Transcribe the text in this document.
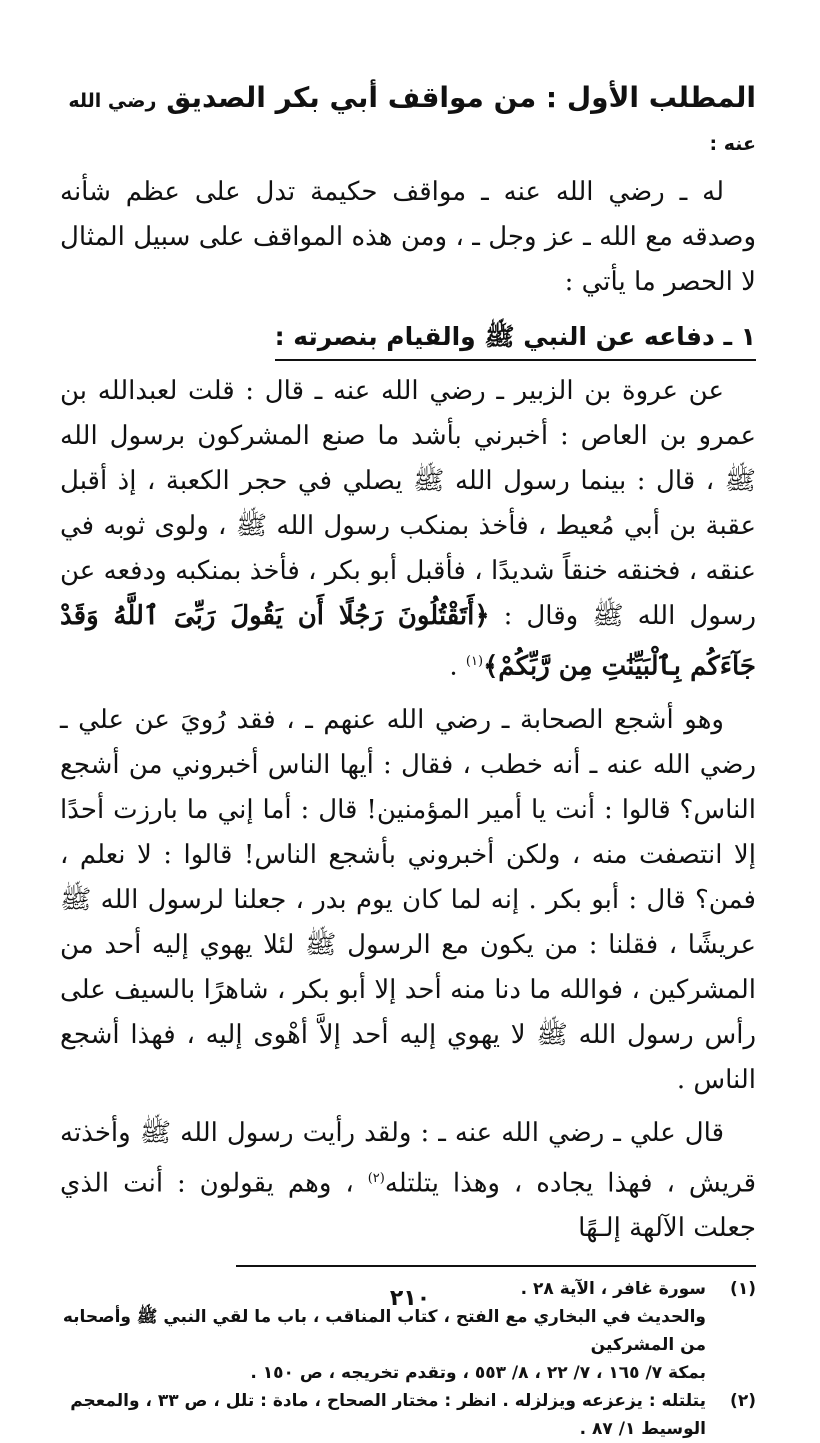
المطلب الأول : من مواقف أبي بكر الصديق رضي الله عنه :

له ـ رضي الله عنه ـ مواقف حكيمة تدل على عظم شأنه وصدقه مع الله ـ عز وجل ـ ، ومن هذه المواقف على سبيل المثال لا الحصر ما يأتي :

١ ـ دفاعه عن النبي ﷺ والقيام بنصرته :

عن عروة بن الزبير ـ رضي الله عنه ـ قال : قلت لعبدالله بن عمرو بن العاص : أخبرني بأشد ما صنع المشركون برسول الله ﷺ ، قال : بينما رسول الله ﷺ يصلي في حجر الكعبة ، إذ أقبل عقبة بن أبي مُعيط ، فأخذ بمنكب رسول الله ﷺ ، ولوى ثوبه في عنقه ، فخنقه خنقاً شديدًا ، فأقبل أبو بكر ، فأخذ بمنكبه ودفعه عن رسول الله ﷺ وقال : ﴿أَتَقْتُلُونَ رَجُلًا أَن يَقُولَ رَبِّىَ ٱللَّهُ وَقَدْ جَآءَكُم بِٱلْبَيِّنَٰتِ مِن رَّبِّكُمْ﴾$^{(١)}$ .

وهو أشجع الصحابة ـ رضي الله عنهم ـ ، فقد رُويَ عن علي ـ رضي الله عنه ـ أنه خطب ، فقال : أيها الناس أخبروني من أشجع الناس؟ قالوا : أنت يا أمير المؤمنين! قال : أما إني ما بارزت أحدًا إلا انتصفت منه ، ولكن أخبروني بأشجع الناس! قالوا : لا نعلم ، فمن؟ قال : أبو بكر . إنه لما كان يوم بدر ، جعلنا لرسول الله ﷺ عريشًا ، فقلنا : من يكون مع الرسول ﷺ لئلا يهوي إليه أحد من المشركين ، فوالله ما دنا منه أحد إلا أبو بكر ، شاهرًا بالسيف على رأس رسول الله ﷺ لا يهوي إليه أحد إلاَّ أهْوى إليه ، فهذا أشجع الناس .

قال علي ـ رضي الله عنه ـ : ولقد رأيت رسول الله ﷺ وأخذته قريش ، فهذا يجاده ، وهذا يتلتله$^{(٢)}$ ، وهم يقولون : أنت الذي جعلت الآلهة إلـهًا

(١)
سورة غافر ، الآية ٢٨ .
والحديث في البخاري مع الفتح ، كتاب المناقب ، باب ما لقي النبي ﷺ وأصحابه من المشركين
بمكة ٧/ ١٦٥ ، ٧/ ٢٢ ، ٨/ ٥٥٣ ، وتقدم تخريجه ، ص ١٥٠ .
(٢)
يتلتله : يزعزعه ويزلزله . انظر : مختار الصحاح ، مادة : تلل ، ص ٣٣ ، والمعجم الوسيط ١/ ٨٧ .
٢١٠
